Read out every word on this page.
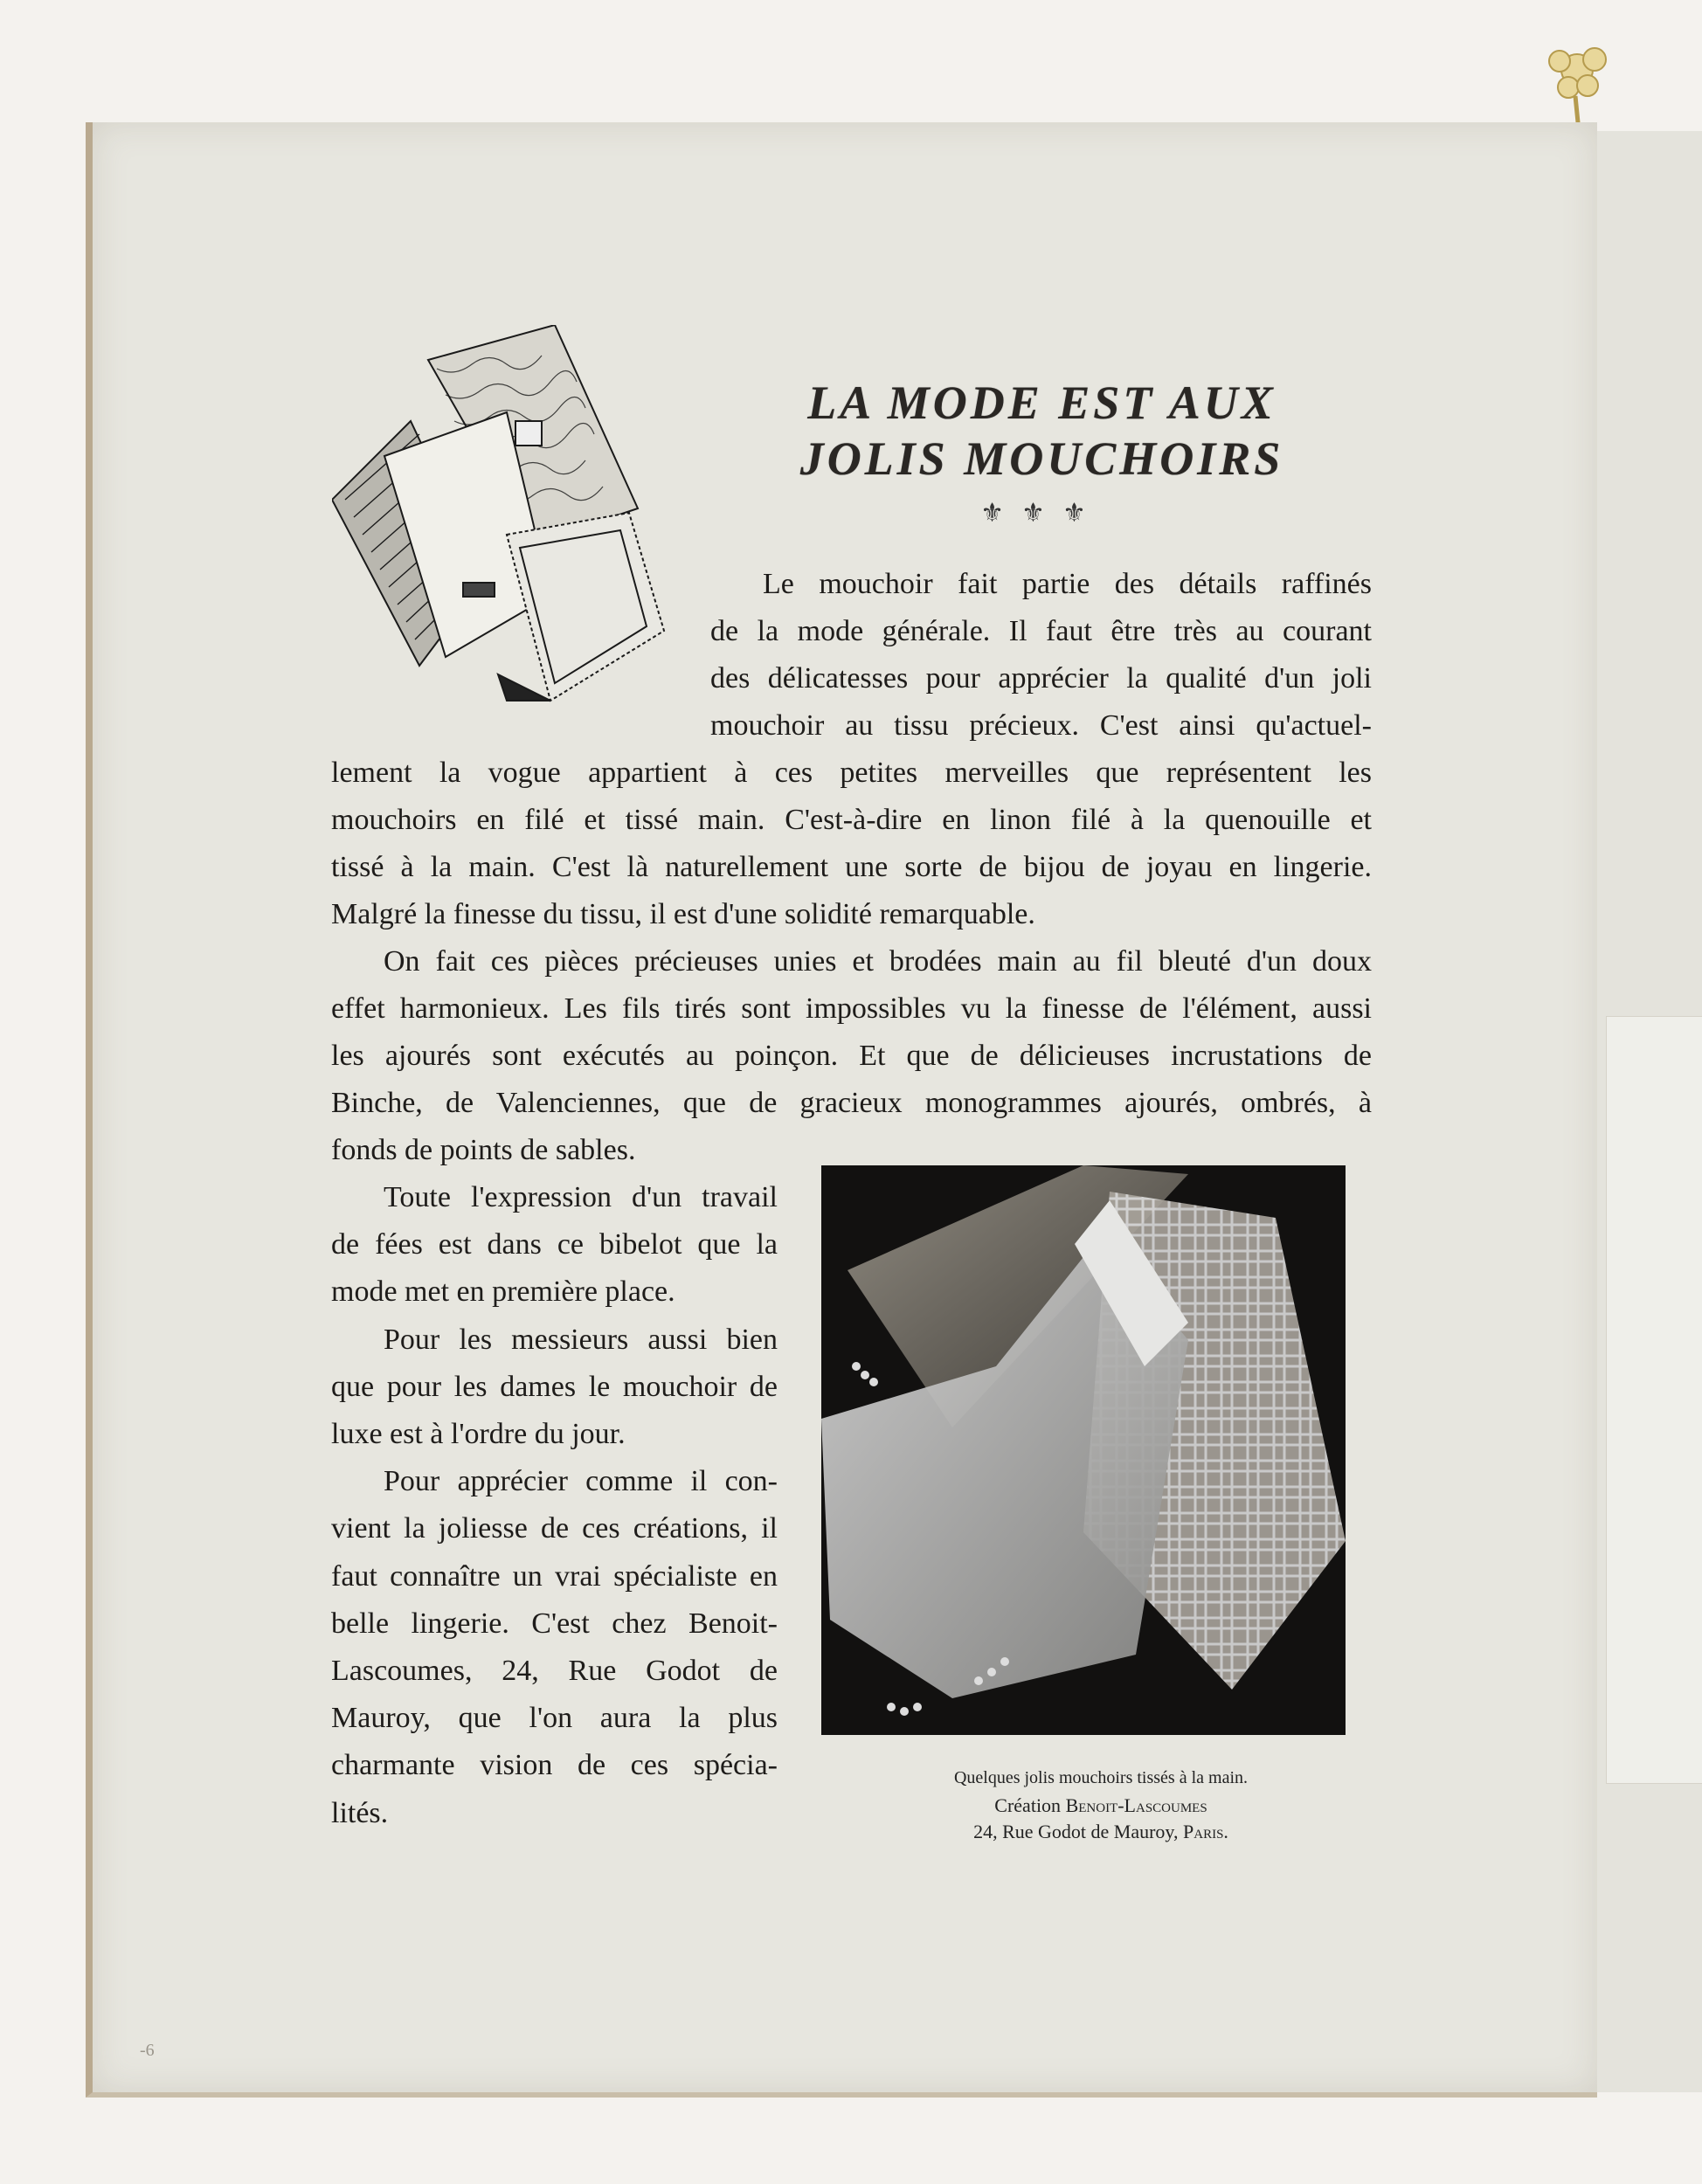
LA MODE EST AUX
JOLIS MOUCHOIRS
⚜⚜⚜
Le mouchoir fait partie des détails raffinés
de la mode générale. Il faut être très au courant
des délicatesses pour apprécier la qualité d'un joli
mouchoir au tissu précieux. C'est ainsi qu'actuel-
lement la vogue appartient à ces petites merveilles que représentent les
mouchoirs en filé et tissé main. C'est-à-dire en linon filé à la quenouille et
tissé à la main. C'est là naturellement une sorte de bijou de joyau en lingerie.
Malgré la finesse du tissu, il est d'une solidité remarquable.
On fait ces pièces précieuses unies et brodées main au fil bleuté d'un doux
effet harmonieux. Les fils tirés sont impossibles vu la finesse de l'élément, aussi
les ajourés sont exécutés au poinçon. Et que de délicieuses incrustations de
Binche, de Valenciennes, que de gracieux monogrammes ajourés, ombrés, à
fonds de points de sables.
Toute l'expression d'un travail
de fées est dans ce bibelot que la
mode met en première place.
Pour les messieurs aussi bien
que pour les dames le mouchoir de
luxe est à l'ordre du jour.
Pour apprécier comme il con-
vient la joliesse de ces créations, il
faut connaître un vrai spécialiste en
belle lingerie. C'est chez Benoit-
Lascoumes, 24, Rue Godot de
Mauroy, que l'on aura la plus
charmante vision de ces spécia-
lités.
Quelques jolis mouchoirs tissés à la main.
Création Benoit-Lascoumes
24, Rue Godot de Mauroy, Paris.
-6
